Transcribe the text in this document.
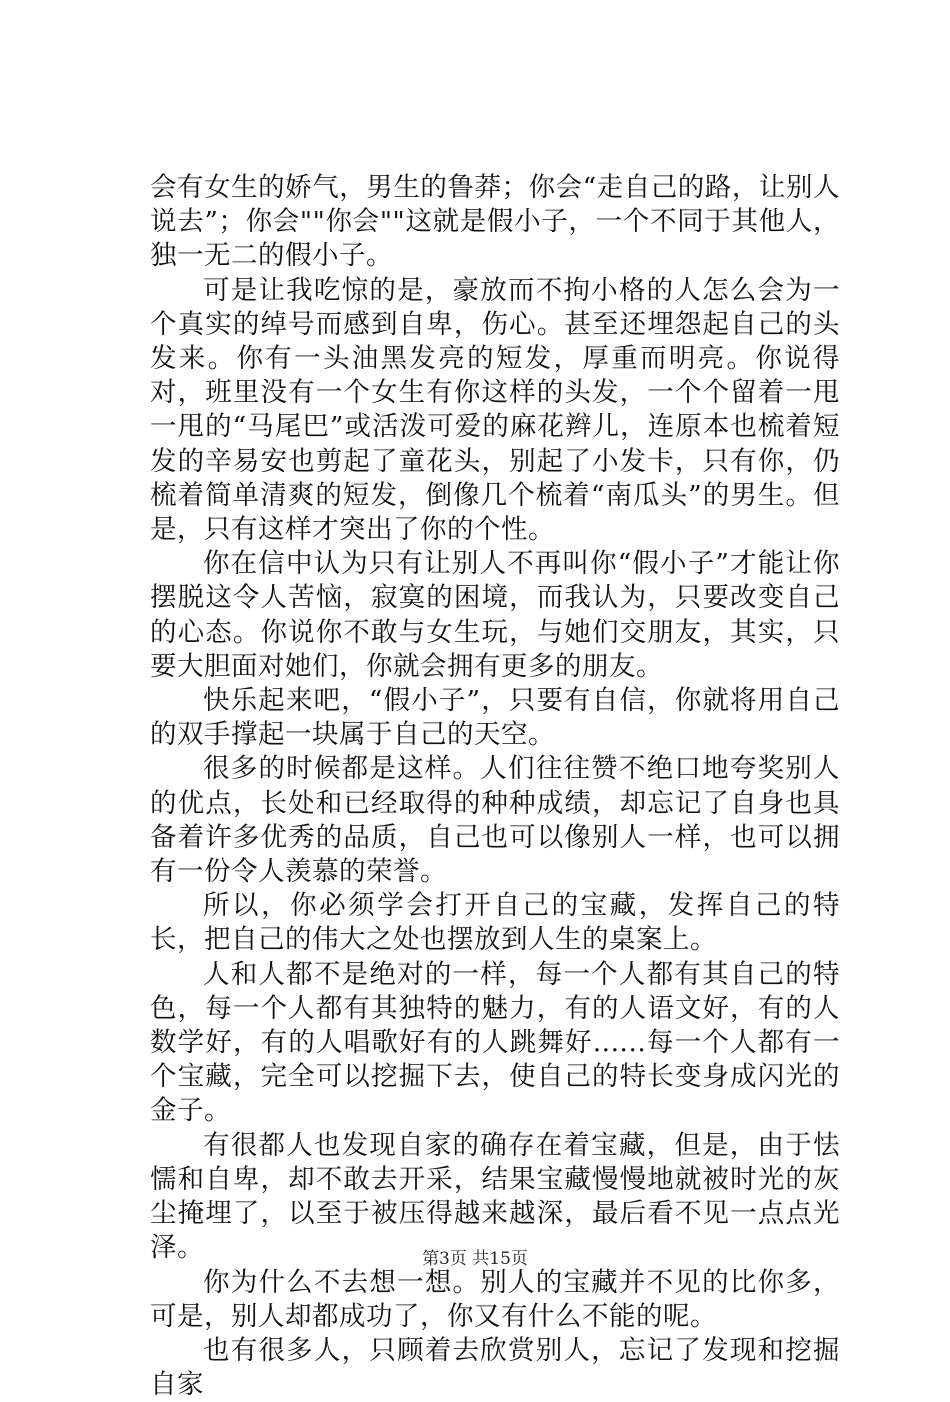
会有女生的娇气，男生的鲁莽；你会“走自己的路，让别人说去”；你会""你会""这就是假小子，一个不同于其他人，独一无二的假小子。

可是让我吃惊的是，豪放而不拘小格的人怎么会为一个真实的绰号而感到自卑，伤心。甚至还埋怨起自己的头发来。你有一头油黑发亮的短发，厚重而明亮。你说得对，班里没有一个女生有你这样的头发，一个个留着一甩一甩的“马尾巴”或活泼可爱的麻花辫儿，连原本也梳着短发的辛易安也剪起了童花头，别起了小发卡，只有你，仍梳着简单清爽的短发，倒像几个梳着“南瓜头”的男生。但是，只有这样才突出了你的个性。

你在信中认为只有让别人不再叫你“假小子”才能让你摆脱这令人苦恼，寂寞的困境，而我认为，只要改变自己的心态。你说你不敢与女生玩，与她们交朋友，其实，只要大胆面对她们，你就会拥有更多的朋友。

快乐起来吧，“假小子”，只要有自信，你就将用自己的双手撑起一块属于自己的天空。

很多的时候都是这样。人们往往赞不绝口地夸奖别人的优点，长处和已经取得的种种成绩，却忘记了自身也具备着许多优秀的品质，自己也可以像别人一样，也可以拥有一份令人羡慕的荣誉。

所以，你必须学会打开自己的宝藏，发挥自己的特长，把自己的伟大之处也摆放到人生的桌案上。

人和人都不是绝对的一样，每一个人都有其自己的特色，每一个人都有其独特的魅力，有的人语文好，有的人数学好，有的人唱歌好有的人跳舞好......每一个人都有一个宝藏，完全可以挖掘下去，使自己的特长变身成闪光的金子。

有很都人也发现自家的确存在着宝藏，但是，由于怯懦和自卑，却不敢去开采，结果宝藏慢慢地就被时光的灰尘掩埋了，以至于被压得越来越深，最后看不见一点点光泽。

你为什么不去想一想。别人的宝藏并不见的比你多，可是，别人却都成功了，你又有什么不能的呢。

也有很多人，只顾着去欣赏别人，忘记了发现和挖掘自家

第3页 共15页
